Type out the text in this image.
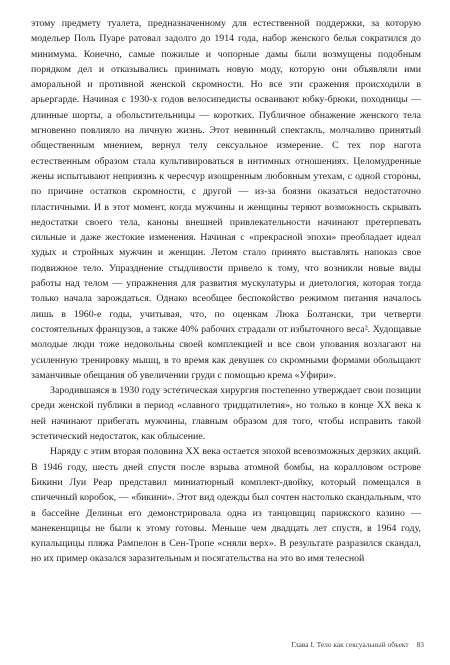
этому предмету туалета, предназначенному для естественной поддержки, за которую модельер Поль Пуаре ратовал задолго до 1914 года, набор женского белья сократился до минимума. Конечно, самые пожилые и чопорные дамы были возмущены подобным порядком дел и отказывались принимать новую моду, которую они объявляли ими аморальной и противной женской скромности. Но все эти сражения происходили в арьергарде. Начиная с 1930-х годов велосипедисты осваивают юбку-брюки, походницы — длинные шорты, а обольстительницы — коротких. Публичное обнажение женского тела мгновенно повлияло на личную жизнь. Этот невинный спектакль, молчаливо принятый общественным мнением, вернул телу сексуальное измерение. С тех пор нагота естественным образом стала культивироваться в интимных отношениях. Целомудренные жены испытывают неприязнь к чересчур изощренным любовным утехам, с одной стороны, по причине остатков скромности, с другой — из-за боязни оказаться недостаточно пластичными. И в этот момент, когда мужчины и женщины теряют возможность скрывать недостатки своего тела, каноны внешней привлекательности начинают претерпевать сильные и даже жестокие изменения. Начиная с «прекрасной эпохи» преобладает идеал худых и стройных мужчин и женщин. Летом стало принято выставлять напоказ свое подвижное тело. Упразднение стыдливости привело к тому, что возникли новые виды работы над телом — упражнения для развития мускулатуры и диетология, которая тогда только начала зарождаться. Однако всеобщее беспокойство режимом питания началось лишь в 1960-е годы, учитывая, что, по оценкам Люка Болтански, три четверти состоятельных французов, а также 40% рабочих страдали от избыточного веса². Худощавые молодые люди тоже недовольны своей комплекцией и все свои упования возлагают на усиленную тренировку мышц, в то время как девушек со скромными формами обольщают заманчивые обещания об увеличении груди с помощью крема «Уфири».

Зародившаяся в 1930 году эстетическая хирургия постепенно утверждает свои позиции среди женской публики в период «славного тридцатилетия», но только в конце XX века к ней начинают прибегать мужчины, главным образом для того, чтобы исправить такой эстетический недостаток, как облысение.

Наряду с этим вторая половина XX века остается эпохой всевозможных дерзких акций. В 1946 году, шесть дней спустя после взрыва атомной бомбы, на коралловом острове Бикини Луи Реар представил миниатюрный комплект-двойку, который помещался в спичечный коробок, — «бикини». Этот вид одежды был сочтен настолько скандальным, что в бассейне Делиньи его демонстрировала одна из танцовщиц парижского казино — манекенщицы не были к этому готовы. Меньше чем двадцать лет спустя, в 1964 году, купальщицы пляжа Pампелон в Сен-Тропе «сняли верх». В результате разразился скандал, но их пример оказался заразительным и посягательства на это во имя телесной

Глава I. Тело как сексуальный объект 83
